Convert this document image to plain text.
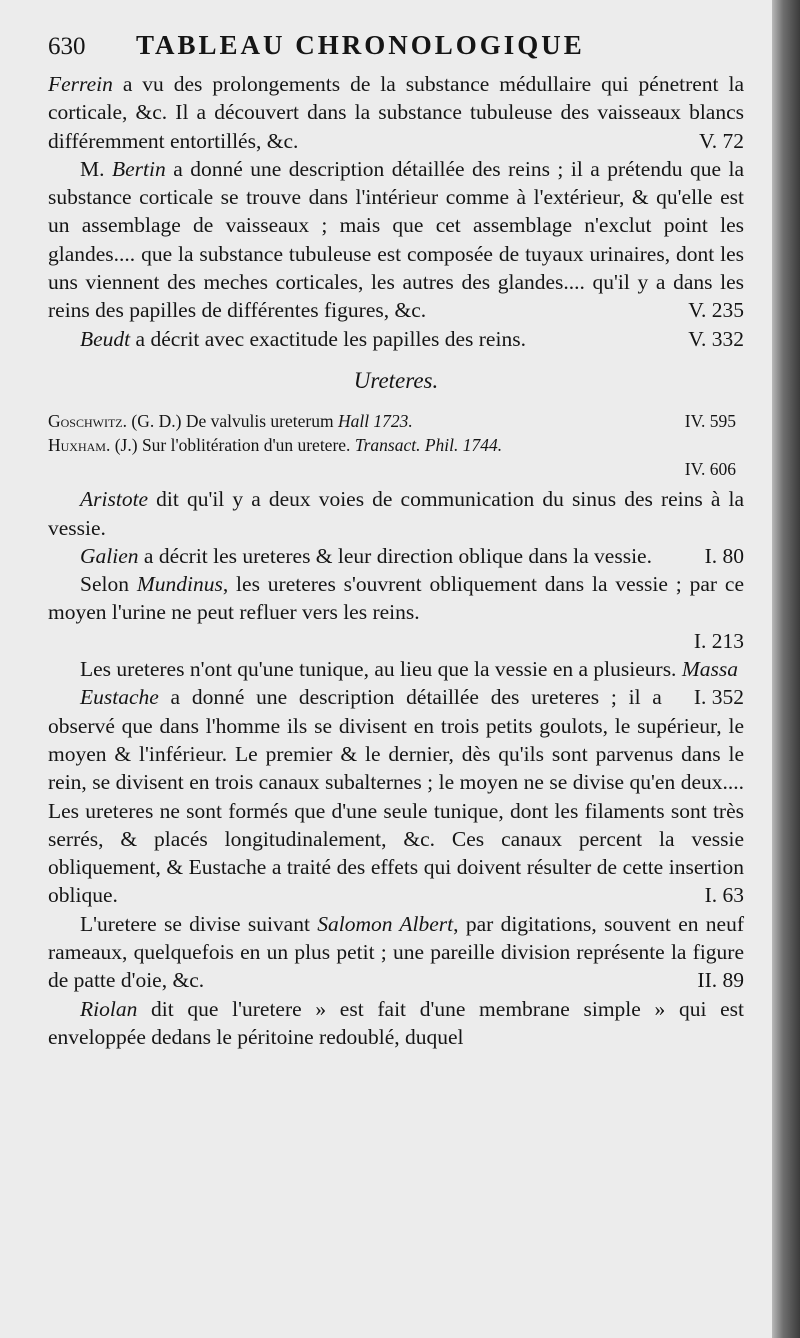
630	TABLEAU CHRONOLOGIQUE

Ferrein a vu des prolongements de la substance médullaire qui pénetrent la corticale, &c. Il a découvert dans la substance tubuleuse des vaisseaux blancs différemment entortillés, &c.	V. 72

M. Bertin a donné une description détaillée des reins ; il a prétendu que la substance corticale se trouve dans l'intérieur comme à l'extérieur, & qu'elle est un assemblage de vaisseaux ; mais que cet assemblage n'exclut point les glandes.... que la substance tubuleuse est composée de tuyaux urinaires, dont les uns viennent des meches corticales, les autres des glandes.... qu'il y a dans les reins des papilles de différentes figures, &c.	V. 235

Beudt a décrit avec exactitude les papilles des reins.	V. 332

Ureteres.
Goschwitz. (G. D.) De valvulis ureterum Hall 1723.	IV. 595
Huxham. (J.) Sur l'oblitération d'un uretere. Transact. Phil. 1744.
IV. 606

Aristote dit qu'il y a deux voies de communication du sinus des reins à la vessie.

Galien a décrit les ureteres & leur direction oblique dans la vessie.	I. 80

Selon Mundinus, les ureteres s'ouvrent obliquement dans la vessie ; par ce moyen l'urine ne peut refluer vers les reins.

I. 213

Les ureteres n'ont qu'une tunique, au lieu que la vessie en a plusieurs. Massa
I. 352

Eustache a donné une description détaillée des ureteres ; il a observé que dans l'homme ils se divisent en trois petits goulots, le supérieur, le moyen & l'inférieur. Le premier & le dernier, dès qu'ils sont parvenus dans le rein, se divisent en trois canaux subalternes ; le moyen ne se divise qu'en deux.... Les ureteres ne sont formés que d'une seule tunique, dont les filaments sont très serrés, & placés longitudinalement, &c. Ces canaux percent la vessie obliquement, & Eustache a traité des effets qui doivent résulter de cette insertion oblique.	I. 63

L'uretere se divise suivant Salomon Albert, par digitations, souvent en neuf rameaux, quelquefois en un plus petit ; une pareille division représente la figure de patte d'oie, &c.	II. 89

Riolan dit que l'uretere » est fait d'une membrane simple » qui est enveloppée dedans le péritoine redoublé, duquel
